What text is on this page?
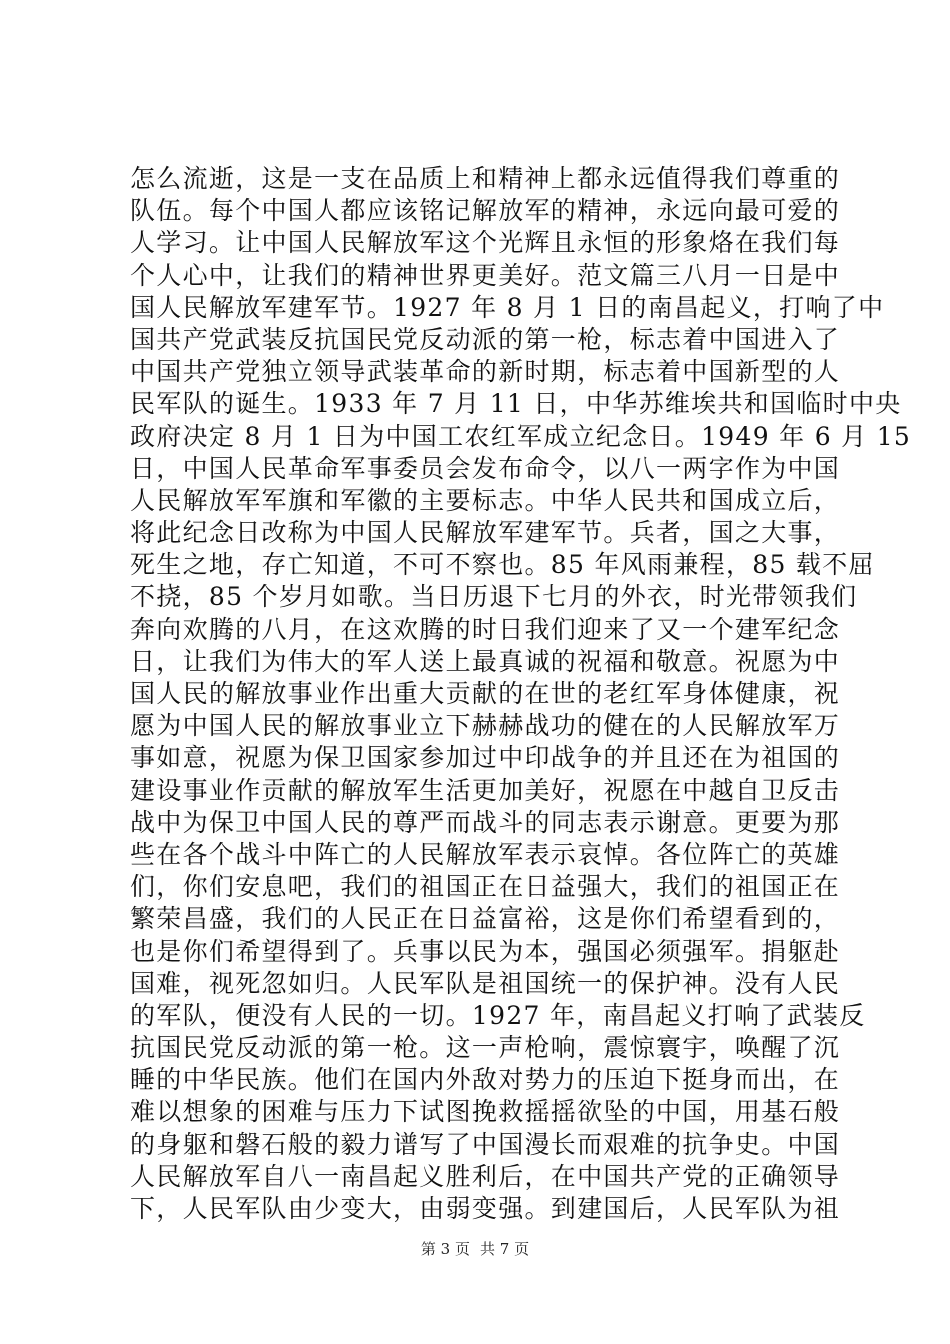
怎么流逝，这是一支在品质上和精神上都永远值得我们尊重的
队伍。每个中国人都应该铭记解放军的精神，永远向最可爱的
人学习。让中国人民解放军这个光辉且永恒的形象烙在我们每
个人心中，让我们的精神世界更美好。范文篇三八月一日是中
国人民解放军建军节。1927 年 8 月 1 日的南昌起义，打响了中
国共产党武装反抗国民党反动派的第一枪，标志着中国进入了
中国共产党独立领导武装革命的新时期，标志着中国新型的人
民军队的诞生。1933 年 7 月 11 日，中华苏维埃共和国临时中央
政府决定 8 月 1 日为中国工农红军成立纪念日。1949 年 6 月 15
日，中国人民革命军事委员会发布命令，以八一两字作为中国
人民解放军军旗和军徽的主要标志。中华人民共和国成立后，
将此纪念日改称为中国人民解放军建军节。兵者，国之大事，
死生之地，存亡知道，不可不察也。85 年风雨兼程，85 载不屈
不挠，85 个岁月如歌。当日历退下七月的外衣，时光带领我们
奔向欢腾的八月，在这欢腾的时日我们迎来了又一个建军纪念
日，让我们为伟大的军人送上最真诚的祝福和敬意。祝愿为中
国人民的解放事业作出重大贡献的在世的老红军身体健康，祝
愿为中国人民的解放事业立下赫赫战功的健在的人民解放军万
事如意，祝愿为保卫国家参加过中印战争的并且还在为祖国的
建设事业作贡献的解放军生活更加美好，祝愿在中越自卫反击
战中为保卫中国人民的尊严而战斗的同志表示谢意。更要为那
些在各个战斗中阵亡的人民解放军表示哀悼。各位阵亡的英雄
们，你们安息吧，我们的祖国正在日益强大，我们的祖国正在
繁荣昌盛，我们的人民正在日益富裕，这是你们希望看到的，
也是你们希望得到了。兵事以民为本，强国必须强军。捐躯赴
国难，视死忽如归。人民军队是祖国统一的保护神。没有人民
的军队，便没有人民的一切。1927 年，南昌起义打响了武装反
抗国民党反动派的第一枪。这一声枪响，震惊寰宇，唤醒了沉
睡的中华民族。他们在国内外敌对势力的压迫下挺身而出，在
难以想象的困难与压力下试图挽救摇摇欲坠的中国，用基石般
的身躯和磐石般的毅力谱写了中国漫长而艰难的抗争史。中国
人民解放军自八一南昌起义胜利后，在中国共产党的正确领导
下，人民军队由少变大，由弱变强。到建国后，人民军队为祖
第 3 页 共 7 页
